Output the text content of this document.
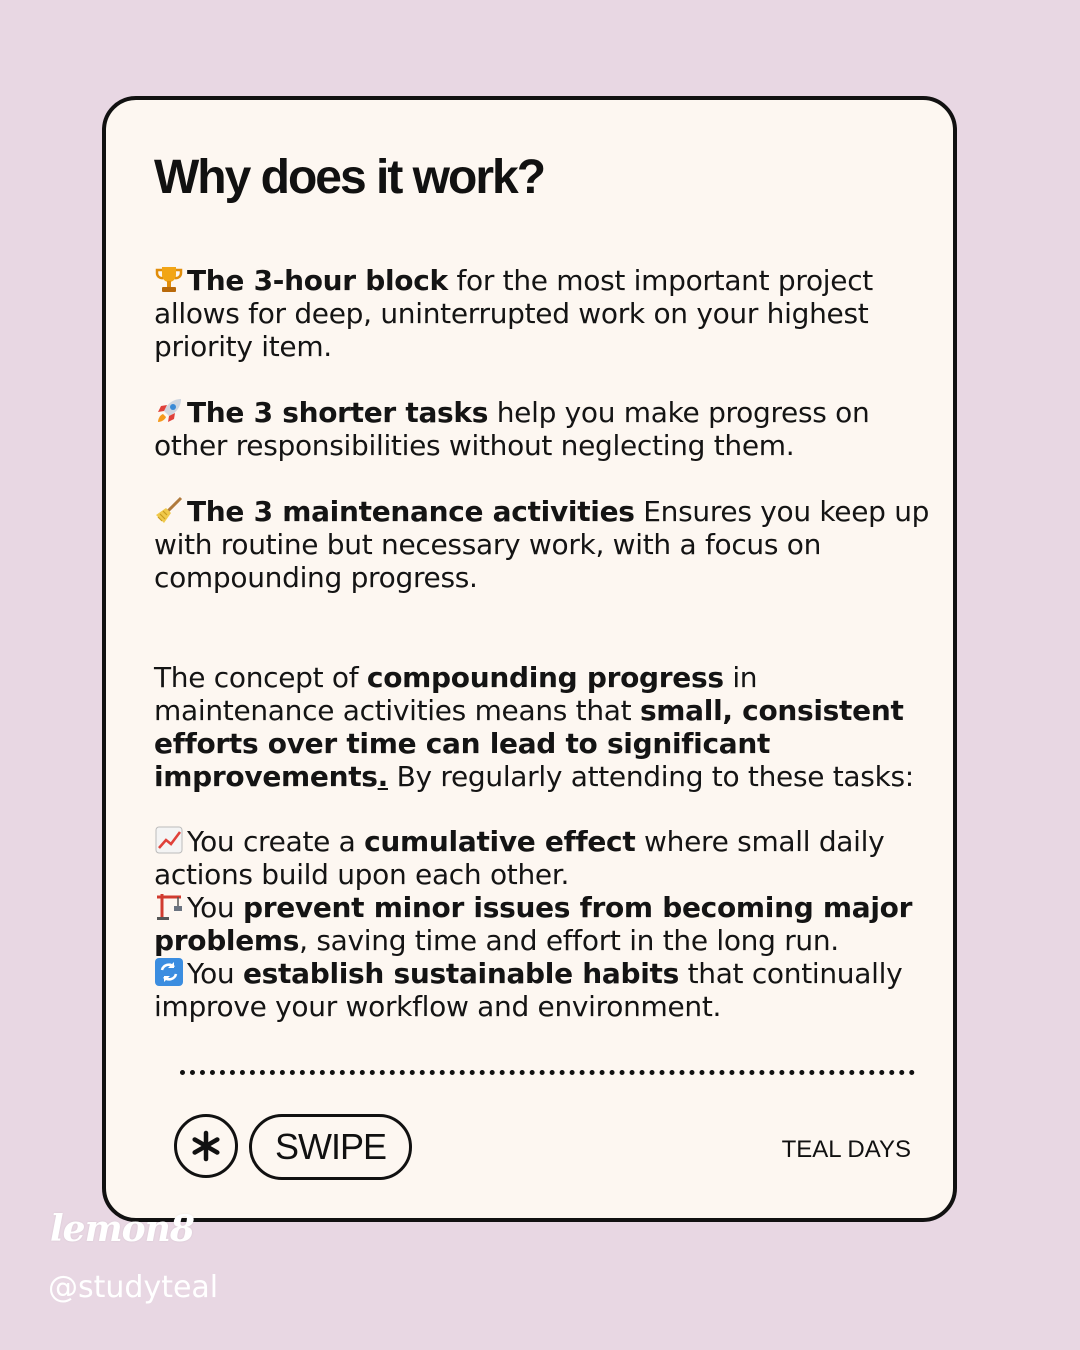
Why does it work?

The 3-hour block for the most important project allows for deep, uninterrupted work on your highest priority item.

The 3 shorter tasks help you make progress on other responsibilities without neglecting them.

The 3 maintenance activities Ensures you keep up with routine but necessary work, with a focus on compounding progress.

The concept of compounding progress in maintenance activities means that small, consistent efforts over time can lead to significant improvements. By regularly attending to these tasks:

You create a cumulative effect where small daily actions build upon each other.

You prevent minor issues from becoming major problems, saving time and effort in the long run.

You establish sustainable habits that continually improve your workflow and environment.

SWIPE	TEAL DAYS
lemon8
@studyteal
